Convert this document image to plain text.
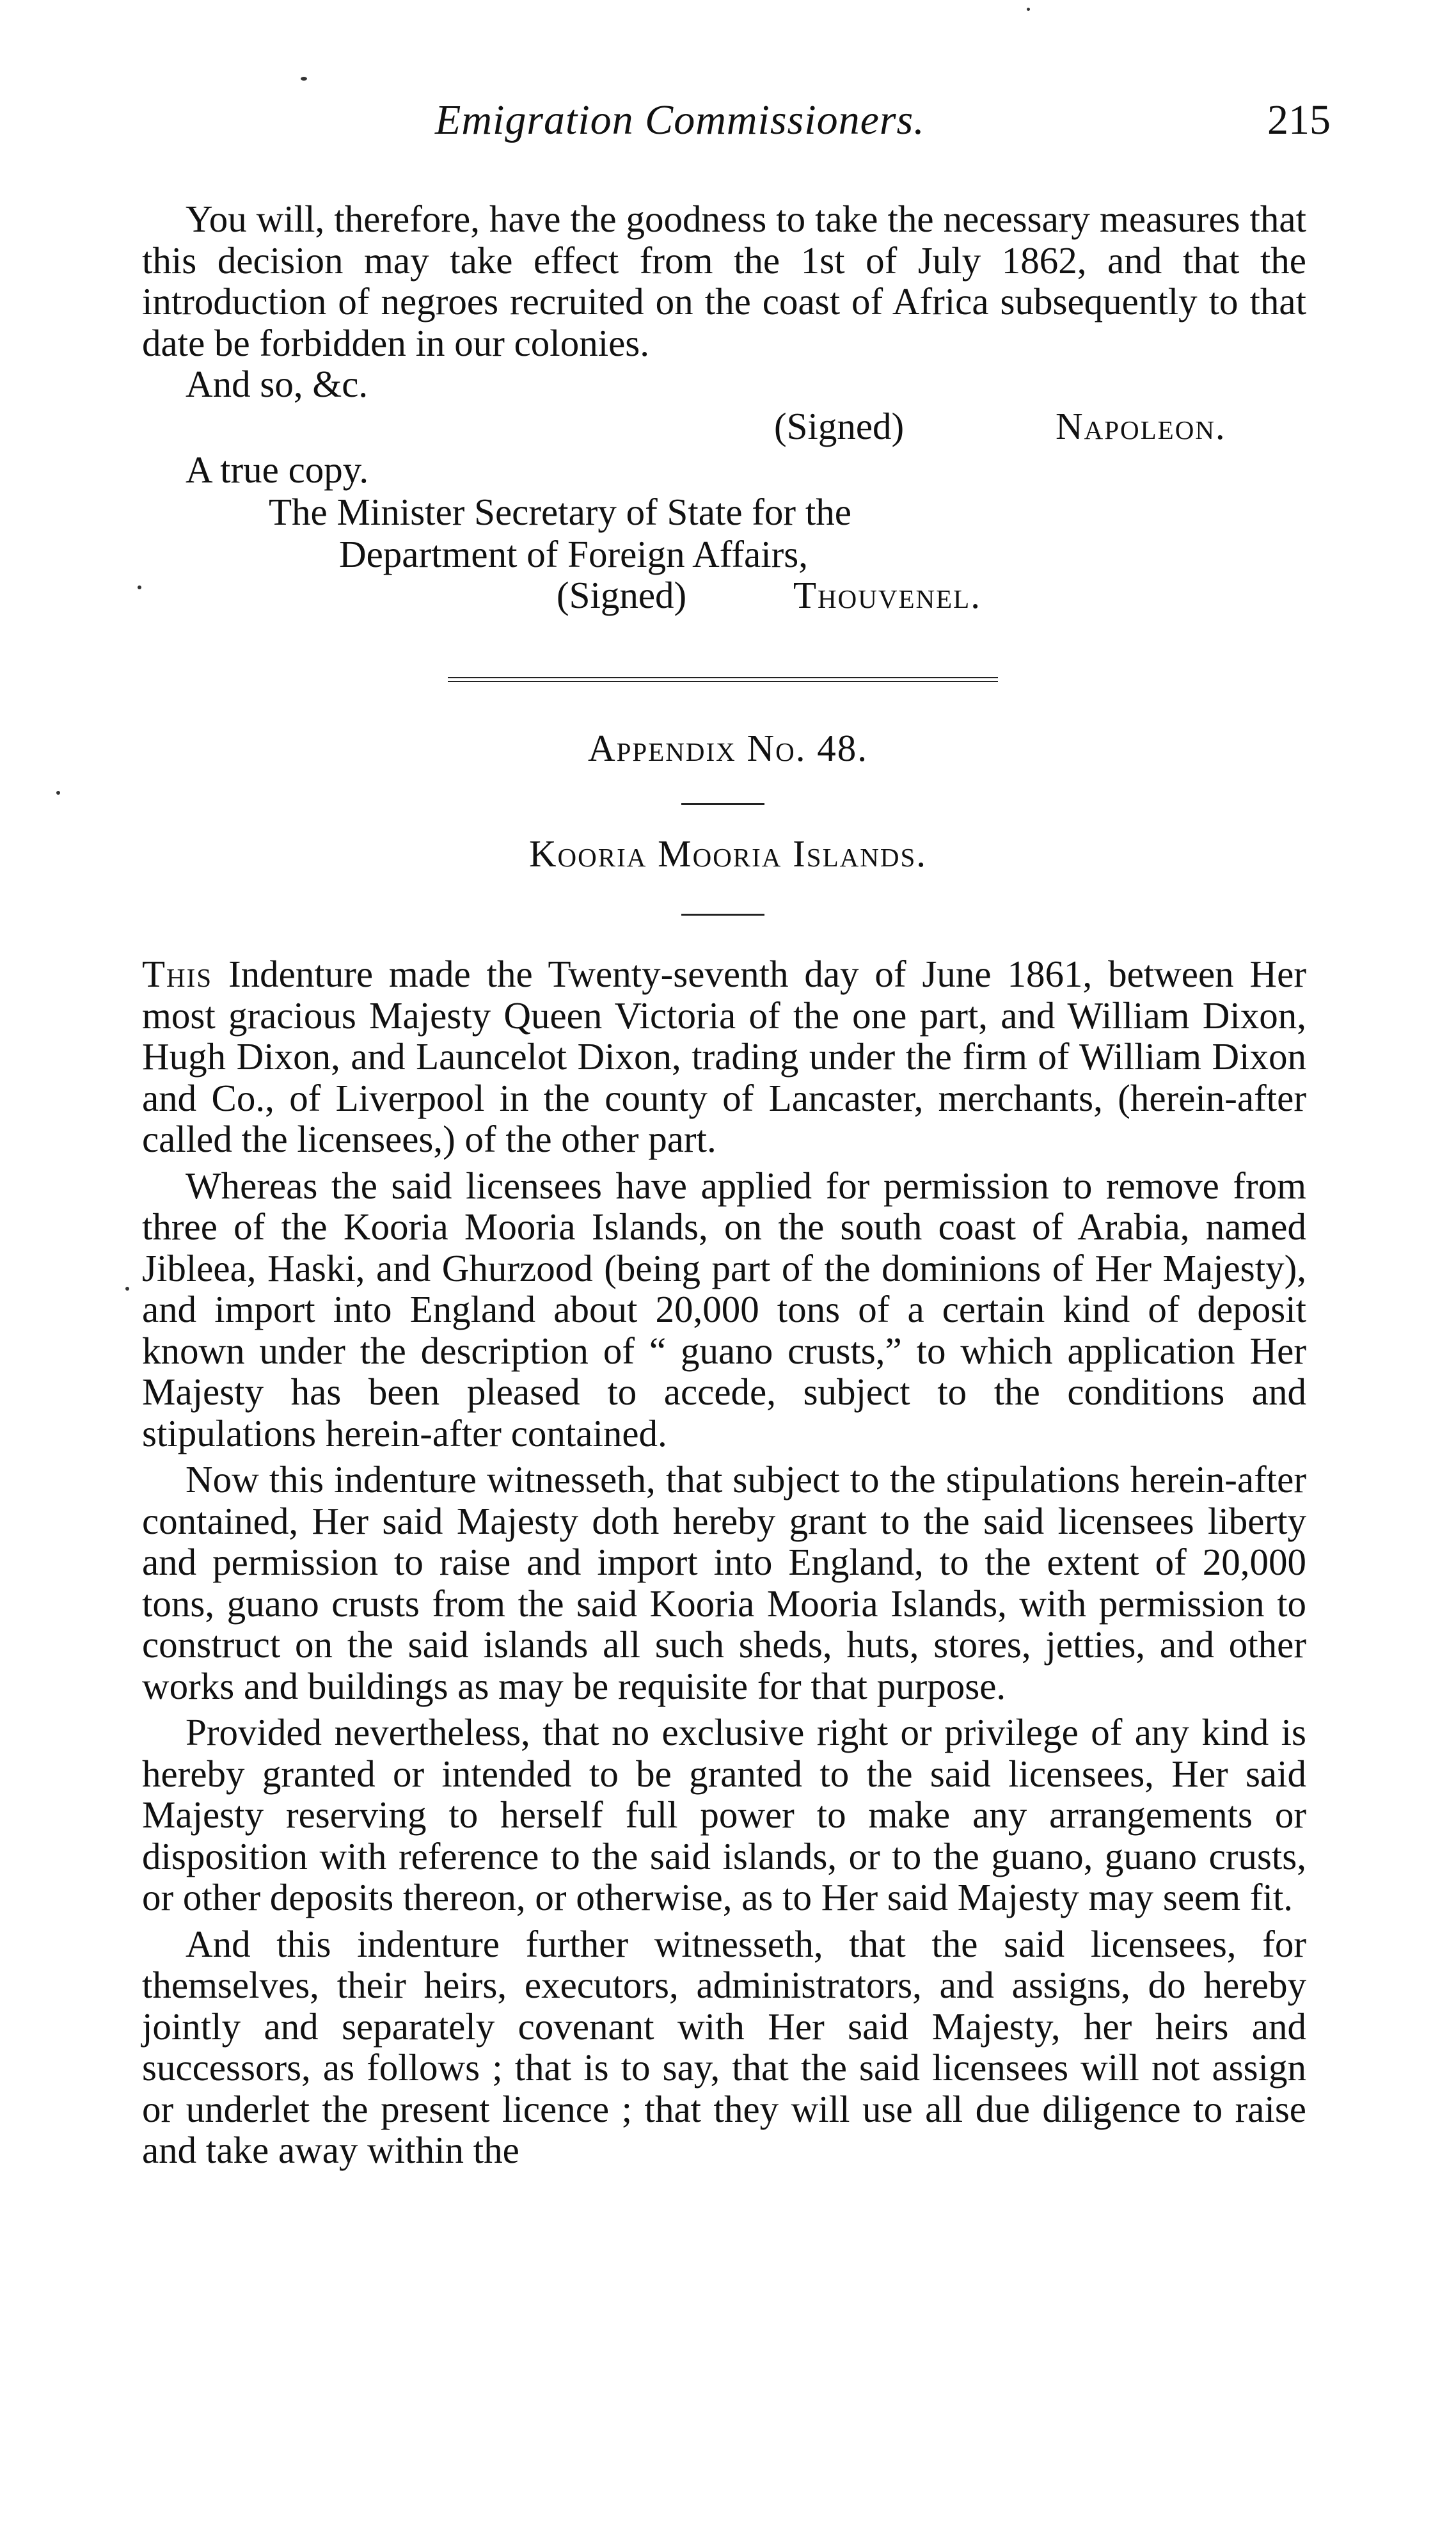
Emigration Commissioners.	215

You will, therefore, have the goodness to take the necessary measures that this decision may take effect from the 1st of July 1862, and that the introduction of negroes recruited on the coast of Africa subsequently to that date be forbidden in our colonies.

And so, &c.
(Signed)	Napoleon.
A true copy.
The Minister Secretary of State for the
Department of Foreign Affairs,
(Signed)	Thouvenel.
Appendix No. 48.
Kooria Mooria Islands.

This Indenture made the Twenty-seventh day of June 1861, between Her most gracious Majesty Queen Victoria of the one part, and William Dixon, Hugh Dixon, and Launcelot Dixon, trading under the firm of William Dixon and Co., of Liverpool in the county of Lancaster, merchants, (herein-after called the licensees,) of the other part.

Whereas the said licensees have applied for permission to remove from three of the Kooria Mooria Islands, on the south coast of Arabia, named Jibleea, Haski, and Ghurzood (being part of the dominions of Her Majesty), and import into England about 20,000 tons of a certain kind of deposit known under the description of “ guano crusts,” to which application Her Majesty has been pleased to accede, subject to the conditions and stipulations herein-after contained.

Now this indenture witnesseth, that subject to the stipulations herein-after contained, Her said Majesty doth hereby grant to the said licensees liberty and permission to raise and import into England, to the extent of 20,000 tons, guano crusts from the said Kooria Mooria Islands, with permission to construct on the said islands all such sheds, huts, stores, jetties, and other works and buildings as may be requisite for that purpose.

Provided nevertheless, that no exclusive right or privilege of any kind is hereby granted or intended to be granted to the said licensees, Her said Majesty reserving to herself full power to make any arrangements or disposition with reference to the said islands, or to the guano, guano crusts, or other deposits thereon, or otherwise, as to Her said Majesty may seem fit.

And this indenture further witnesseth, that the said licensees, for themselves, their heirs, executors, administrators, and assigns, do hereby jointly and separately covenant with Her said Majesty, her heirs and successors, as follows ; that is to say, that the said licensees will not assign or underlet the present licence ; that they will use all due diligence to raise and take away within the
